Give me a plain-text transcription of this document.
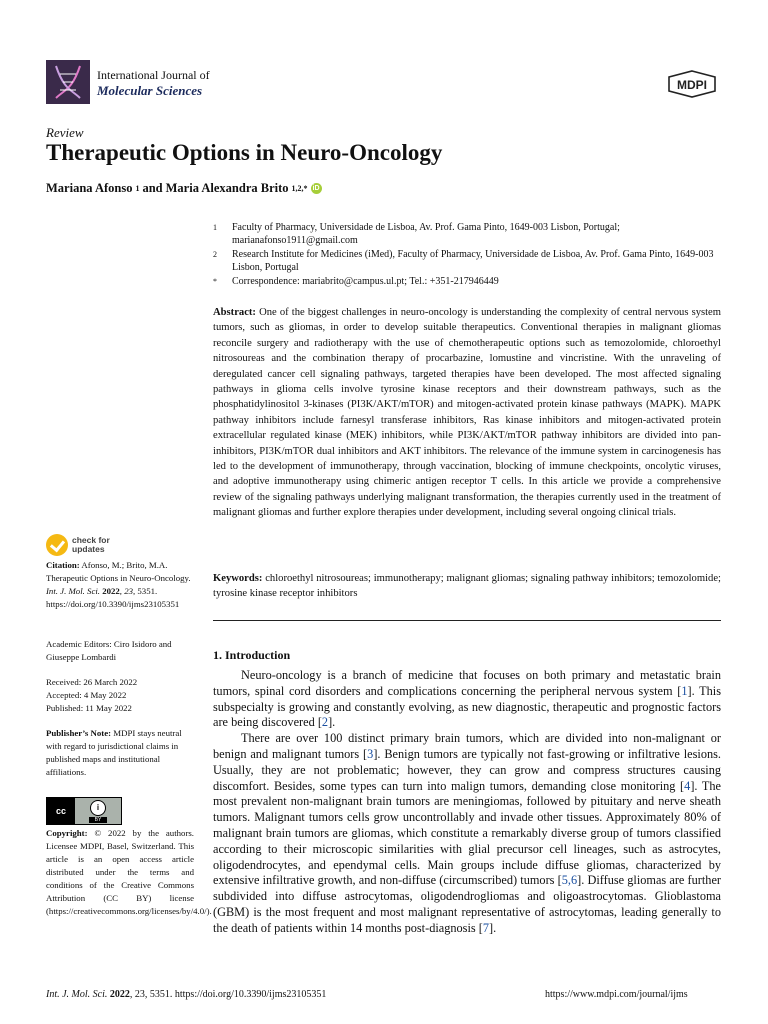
International Journal of
Molecular Sciences	MDPI
Review
Therapeutic Options in Neuro-Oncology
Mariana Afonso 1 and Maria Alexandra Brito 1,2,* iD
1	Faculty of Pharmacy, Universidade de Lisboa, Av. Prof. Gama Pinto, 1649-003 Lisbon, Portugal; marianafonso1911@gmail.com
2	Research Institute for Medicines (iMed), Faculty of Pharmacy, Universidade de Lisboa, Av. Prof. Gama Pinto, 1649-003 Lisbon, Portugal
*	Correspondence: mariabrito@campus.ul.pt; Tel.: +351-217946449
Abstract: One of the biggest challenges in neuro-oncology is understanding the complexity of central nervous system tumors, such as gliomas, in order to develop suitable therapeutics. Conventional therapies in malignant gliomas reconcile surgery and radiotherapy with the use of chemotherapeutic options such as temozolomide, chloroethyl nitrosoureas and the combination therapy of procarbazine, lomustine and vincristine. With the unraveling of deregulated cancer cell signaling pathways, targeted therapies have been developed. The most affected signaling pathways in glioma cells involve tyrosine kinase receptors and their downstream pathways, such as the phosphatidylinositol 3-kinases (PI3K/AKT/mTOR) and mitogen-activated protein kinase pathways (MAPK). MAPK pathway inhibitors include farnesyl transferase inhibitors, Ras kinase inhibitors and mitogen-activated protein extracellular regulated kinase (MEK) inhibitors, while PI3K/AKT/mTOR pathway inhibitors are divided into pan-inhibitors, PI3K/mTOR dual inhibitors and AKT inhibitors. The relevance of the immune system in carcinogenesis has led to the development of immunotherapy, through vaccination, blocking of immune checkpoints, oncolytic viruses, and adoptive immunotherapy using chimeric antigen receptor T cells. In this article we provide a comprehensive review of the signaling pathways underlying malignant transformation, the therapies currently used in the treatment of malignant gliomas and further explore therapies under development, including several ongoing clinical trials.
Keywords: chloroethyl nitrosoureas; immunotherapy; malignant gliomas; signaling pathway inhibitors; temozolomide; tyrosine kinase receptor inhibitors
1. Introduction

Neuro-oncology is a branch of medicine that focuses on both primary and metastatic brain tumors, spinal cord disorders and complications concerning the peripheral nervous system [1]. This subspecialty is growing and constantly evolving, as new diagnostic, therapeutic and prognostic factors are being discovered [2].

There are over 100 distinct primary brain tumors, which are divided into non-malignant or benign and malignant tumors [3]. Benign tumors are typically not fast-growing or infiltrative lesions. Usually, they are not problematic; however, they can grow and compress structures causing discomfort. Besides, some types can turn into malign tumors, demanding close monitoring [4]. The most prevalent non-malignant brain tumors are meningiomas, followed by pituitary and nerve sheath tumors. Malignant tumors cells grow uncontrollably and invade other tissues. Approximately 80% of malignant brain tumors are gliomas, which constitute a remarkably diverse group of tumors classified according to their microscopic similarities with glial precursor cell lineages, such as astrocytes, oligodendrocytes, and ependymal cells. Main groups include diffuse gliomas, characterized by extensive infiltrative growth, and non-diffuse (circumscribed) tumors [5,6]. Diffuse gliomas are further subdivided into diffuse astrocytomas, oligodendrogliomas and oligoastrocytomas. Glioblastoma (GBM) is the most frequent and most malignant representative of astrocytomas, leading generally to the death of patients within 14 months post-diagnosis [7].

check for
updates
Citation: Afonso, M.; Brito, M.A. Therapeutic Options in Neuro-Oncology. Int. J. Mol. Sci. 2022, 23, 5351. https://doi.org/10.3390/ijms23105351
Academic Editors: Ciro Isidoro and Giuseppe Lombardi
Received: 26 March 2022
Accepted: 4 May 2022
Published: 11 May 2022
Publisher’s Note: MDPI stays neutral with regard to jurisdictional claims in published maps and institutional affiliations.
cc	i
BY
Copyright: © 2022 by the authors. Licensee MDPI, Basel, Switzerland. This article is an open access article distributed under the terms and conditions of the Creative Commons Attribution (CC BY) license (https://creativecommons.org/licenses/by/4.0/).
Int. J. Mol. Sci. 2022, 23, 5351. https://doi.org/10.3390/ijms23105351	https://www.mdpi.com/journal/ijms
